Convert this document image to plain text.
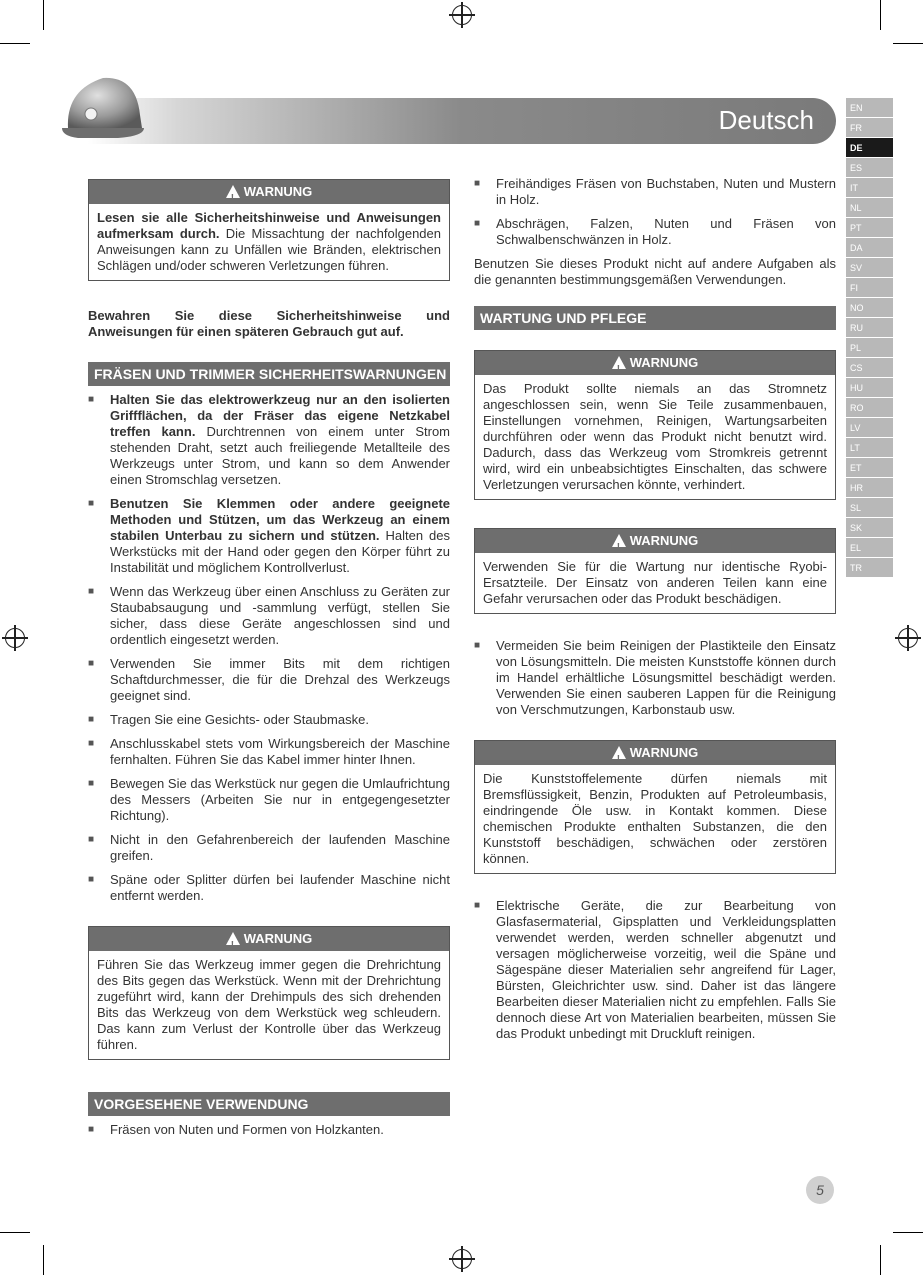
Deutsch	EN
FR
DE
ES
IT
NL
PT
DA
SV
FI
NO
RU
PL
CS
HU
RO
LV
LT
ET
HR
SL
SK
EL
TR
! WARNUNG
Lesen sie alle Sicherheitshinweise und Anweisungen aufmerksam durch. Die Missachtung der nachfolgenden Anweisungen kann zu Unfällen wie Bränden, elektrischen Schlägen und/oder schweren Verletzungen führen.

Bewahren Sie diese Sicherheitshinweise und Anweisungen für einen späteren Gebrauch gut auf.

FRÄSEN UND TRIMMER SICHERHEITSWARNUNGEN
■ Halten Sie das elektrowerkzeug nur an den isolierten Griffflächen, da der Fräser das eigene Netzkabel treffen kann. Durchtrennen von einem unter Strom stehenden Draht, setzt auch freiliegende Metallteile des Werkzeugs unter Strom, und kann so dem Anwender einen Stromschlag versetzen.
■ Benutzen Sie Klemmen oder andere geeignete Methoden und Stützen, um das Werkzeug an einem stabilen Unterbau zu sichern und stützen. Halten des Werkstücks mit der Hand oder gegen den Körper führt zu Instabilität und möglichem Kontrollverlust.
■ Wenn das Werkzeug über einen Anschluss zu Geräten zur Staubabsaugung und -sammlung verfügt, stellen Sie sicher, dass diese Geräte angeschlossen sind und ordentlich eingesetzt werden.
■ Verwenden Sie immer Bits mit dem richtigen Schaftdurchmesser, die für die Drehzal des Werkzeugs geeignet sind.
■ Tragen Sie eine Gesichts- oder Staubmaske.
■ Anschlusskabel stets vom Wirkungsbereich der Maschine fernhalten. Führen Sie das Kabel immer hinter Ihnen.
■ Bewegen Sie das Werkstück nur gegen die Umlaufrichtung des Messers (Arbeiten Sie nur in entgegengesetzter Richtung).
■ Nicht in den Gefahrenbereich der laufenden Maschine greifen.
■ Späne oder Splitter dürfen bei laufender Maschine nicht entfernt werden.
! WARNUNG
Führen Sie das Werkzeug immer gegen die Drehrichtung des Bits gegen das Werkstück. Wenn mit der Drehrichtung zugeführt wird, kann der Drehimpuls des sich drehenden Bits das Werkzeug von dem Werkstück weg schleudern. Das kann zum Verlust der Kontrolle über das Werkzeug führen.
VORGESEHENE VERWENDUNG
■ Fräsen von Nuten und Formen von Holzkanten.
■ Freihändiges Fräsen von Buchstaben, Nuten und Mustern in Holz.
■ Abschrägen, Falzen, Nuten und Fräsen von Schwalbenschwänzen in Holz.

Benutzen Sie dieses Produkt nicht auf andere Aufgaben als die genannten bestimmungsgemäßen Verwendungen.

WARTUNG UND PFLEGE
! WARNUNG
Das Produkt sollte niemals an das Stromnetz angeschlossen sein, wenn Sie Teile zusammenbauen, Einstellungen vornehmen, Reinigen, Wartungsarbeiten durchführen oder wenn das Produkt nicht benutzt wird. Dadurch, dass das Werkzeug vom Stromkreis getrennt wird, wird ein unbeabsichtigtes Einschalten, das schwere Verletzungen verursachen könnte, verhindert.
! WARNUNG
Verwenden Sie für die Wartung nur identische Ryobi-Ersatzteile. Der Einsatz von anderen Teilen kann eine Gefahr verursachen oder das Produkt beschädigen.
■ Vermeiden Sie beim Reinigen der Plastikteile den Einsatz von Lösungsmitteln. Die meisten Kunststoffe können durch im Handel erhältliche Lösungsmittel beschädigt werden. Verwenden Sie einen sauberen Lappen für die Reinigung von Verschmutzungen, Karbonstaub usw.
! WARNUNG
Die Kunststoffelemente dürfen niemals mit Bremsflüssigkeit, Benzin, Produkten auf Petroleumbasis, eindringende Öle usw. in Kontakt kommen. Diese chemischen Produkte enthalten Substanzen, die den Kunststoff beschädigen, schwächen oder zerstören können.
■ Elektrische Geräte, die zur Bearbeitung von Glasfasermaterial, Gipsplatten und Verkleidungsplatten verwendet werden, werden schneller abgenutzt und versagen möglicherweise vorzeitig, weil die Späne und Sägespäne dieser Materialien sehr angreifend für Lager, Bürsten, Gleichrichter usw. sind. Daher ist das längere Bearbeiten dieser Materialien nicht zu empfehlen. Falls Sie dennoch diese Art von Materialien bearbeiten, müssen Sie das Produkt unbedingt mit Druckluft reinigen.
5
